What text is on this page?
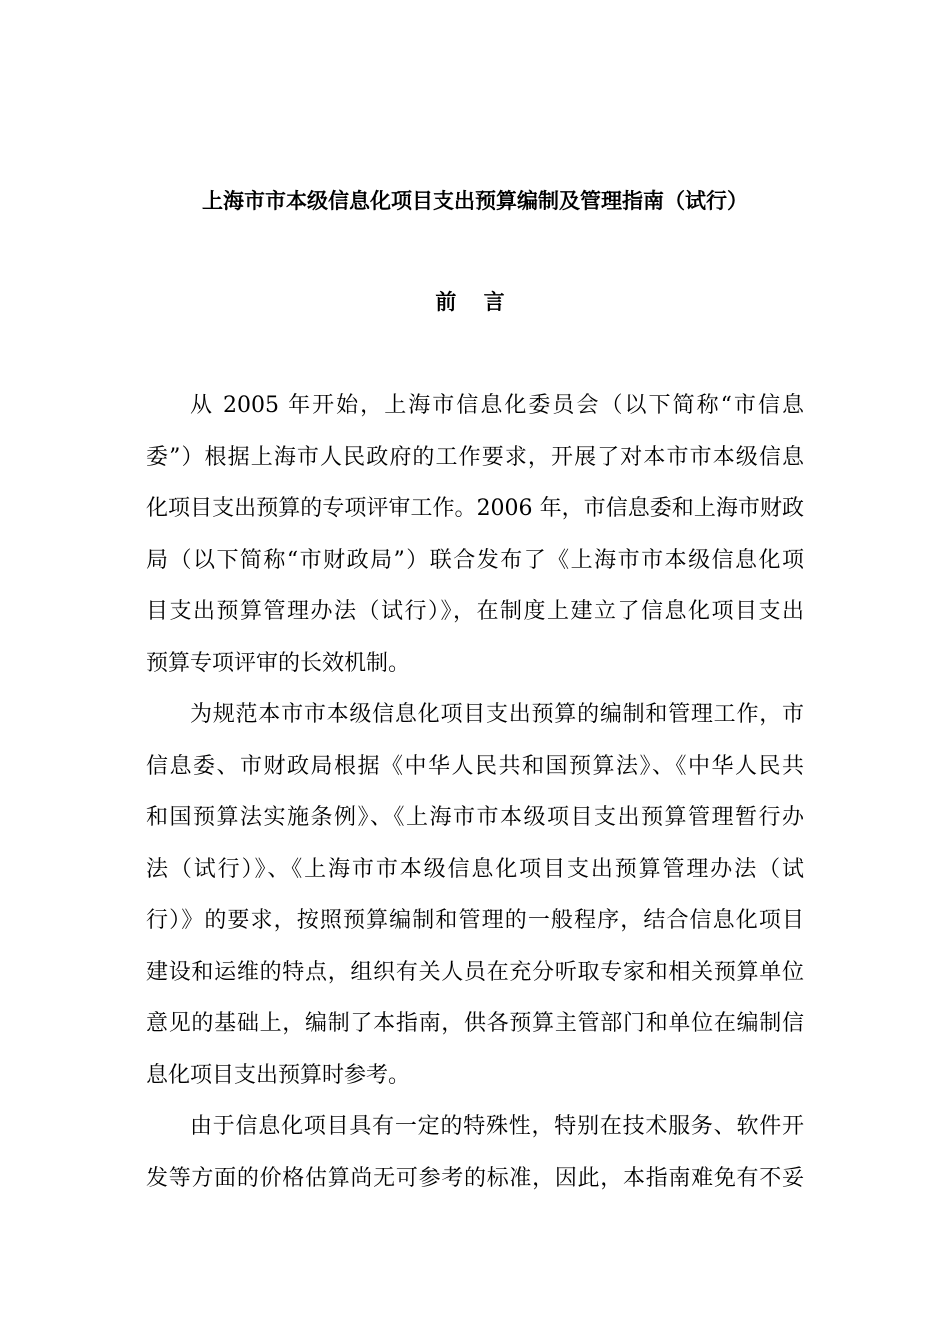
上海市市本级信息化项目支出预算编制及管理指南（试行）
前 言

从 2005 年开始，上海市信息化委员会（以下简称“市信息
委”）根据上海市人民政府的工作要求，开展了对本市市本级信息
化项目支出预算的专项评审工作。2006 年，市信息委和上海市财政
局（以下简称“市财政局”）联合发布了《上海市市本级信息化项
目支出预算管理办法（试行）》，在制度上建立了信息化项目支出
预算专项评审的长效机制。

为规范本市市本级信息化项目支出预算的编制和管理工作，市
信息委、市财政局根据《中华人民共和国预算法》、《中华人民共
和国预算法实施条例》、《上海市市本级项目支出预算管理暂行办
法（试行）》、《上海市市本级信息化项目支出预算管理办法（试
行）》的要求，按照预算编制和管理的一般程序，结合信息化项目
建设和运维的特点，组织有关人员在充分听取专家和相关预算单位
意见的基础上，编制了本指南，供各预算主管部门和单位在编制信
息化项目支出预算时参考。

由于信息化项目具有一定的特殊性，特别在技术服务、软件开
发等方面的价格估算尚无可参考的标准，因此，本指南难免有不妥
